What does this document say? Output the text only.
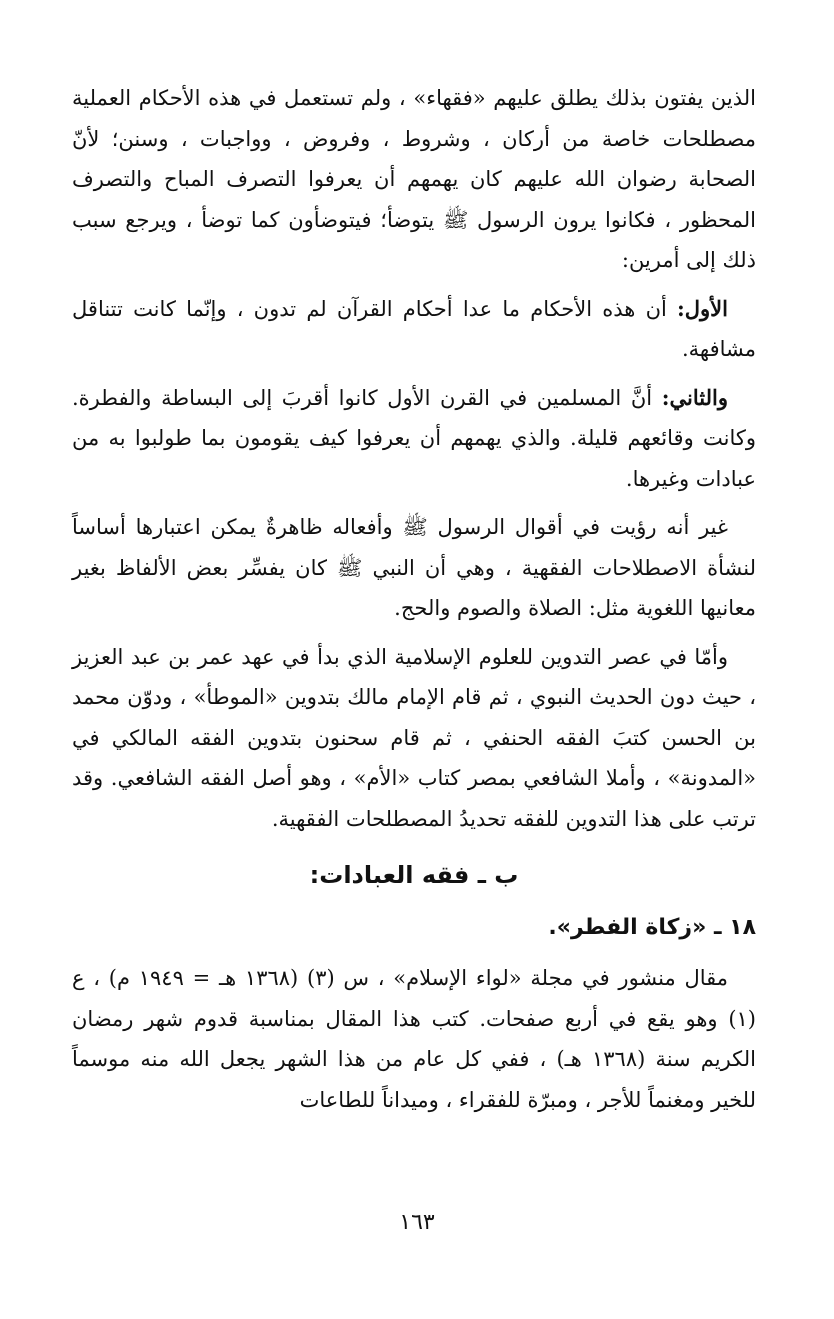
الذين يفتون بذلك يطلق عليهم «فقهاء» ، ولم تستعمل في هذه الأحكام العملية مصطلحات خاصة من أركان ، وشروط ، وفروض ، وواجبات ، وسنن؛ لأنّ الصحابة رضوان الله عليهم كان يهمهم أن يعرفوا التصرف المباح والتصرف المحظور ، فكانوا يرون الرسول ﷺ يتوضأ؛ فيتوضأون كما توضأ ، ويرجع سبب ذلك إلى أمرين:

الأول: أن هذه الأحكام ما عدا أحكام القرآن لم تدون ، وإنّما كانت تتناقل مشافهة.

والثاني: أنَّ المسلمين في القرن الأول كانوا أقربَ إلى البساطة والفطرة. وكانت وقائعهم قليلة. والذي يهمهم أن يعرفوا كيف يقومون بما طولبوا به من عبادات وغيرها.

غير أنه رؤيت في أقوال الرسول ﷺ وأفعاله ظاهرةٌ يمكن اعتبارها أساساً لنشأة الاصطلاحات الفقهية ، وهي أن النبي ﷺ كان يفسِّر بعض الألفاظ بغير معانيها اللغوية مثل: الصلاة والصوم والحج.

وأمّا في عصر التدوين للعلوم الإسلامية الذي بدأ في عهد عمر بن عبد العزيز ، حيث دون الحديث النبوي ، ثم قام الإمام مالك بتدوين «الموطأ» ، ودوّن محمد بن الحسن كتبَ الفقه الحنفي ، ثم قام سحنون بتدوين الفقه المالكي في «المدونة» ، وأملا الشافعي بمصر كتاب «الأم» ، وهو أصل الفقه الشافعي. وقد ترتب على هذا التدوين للفقه تحديدُ المصطلحات الفقهية.

ب ـ فقه العبادات:
١٨ ـ «زكاة الفطر».

مقال منشور في مجلة «لواء الإسلام» ، س (٣) (١٣٦٨ هـ = ١٩٤٩ م) ، ع (١) وهو يقع في أربع صفحات. كتب هذا المقال بمناسبة قدوم شهر رمضان الكريم سنة (١٣٦٨ هـ) ، ففي كل عام من هذا الشهر يجعل الله منه موسماً للخير ومغنماً للأجر ، ومبرّة للفقراء ، وميداناً للطاعات

١٦٣
